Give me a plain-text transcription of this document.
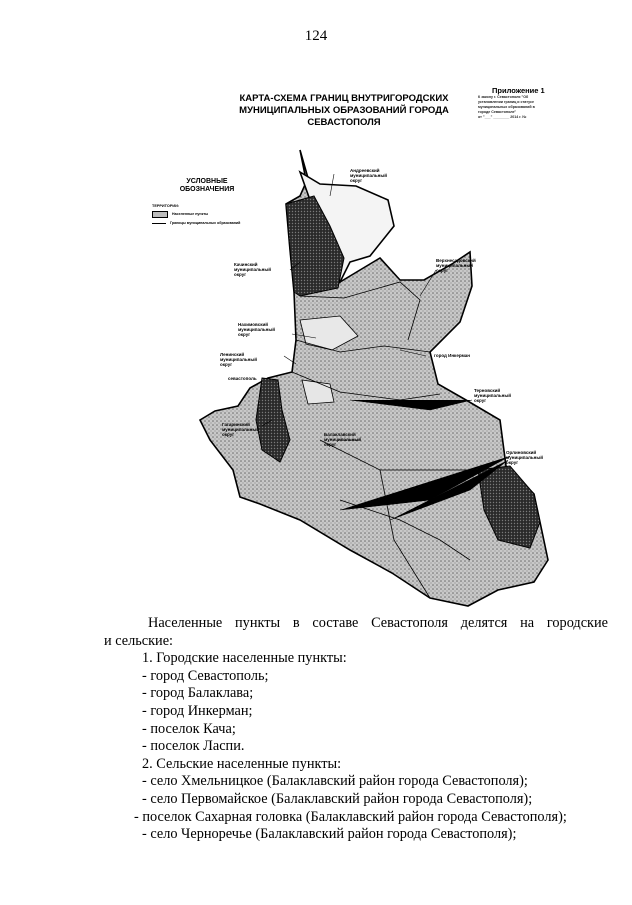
124
КАРТА-СХЕМА ГРАНИЦ ВНУТРИГОРОДСКИХ
МУНИЦИПАЛЬНЫХ ОБРАЗОВАНИЙ ГОРОДА
СЕВАСТОПОЛЯ
Приложение 1
К закону г. Севастополя "Об
установлении границ и статусе
муниципальных образований в
городе Севастополе"
от "___" ________ 2014 г. №
УСЛОВНЫЕ
ОБОЗНАЧЕНИЯ
ТЕРРИТОРИИ:
Населенные пункты
Границы муниципальных образований
Андреевский
муниципальный
округ
Качинский
муниципальный
округ
Верхнесадовский
муниципальный
округ
Нахимовский
муниципальный
округ
город Инкерман
Ленинский
муниципальный
округ
севастополь
Терновский
муниципальный
округ
Гагаринский
муниципальный
округ	Балаклавский
муниципальный
округ
Орлиновский
муниципальный
округ

Населенные пункты в составе Севастополя делятся на городские

и сельские:

1. Городские населенные пункты:

- город Севастополь;

- город Балаклава;

- город Инкерман;

- поселок Кача;

- поселок Ласпи.

2. Сельские населенные пункты:

- село Хмельницкое (Балаклавский район города Севастополя);

- село Первомайское (Балаклавский район города Севастополя);

- поселок Сахарная головка (Балаклавский район города Севастополя);

- село Черноречье (Балаклавский район города Севастополя);
